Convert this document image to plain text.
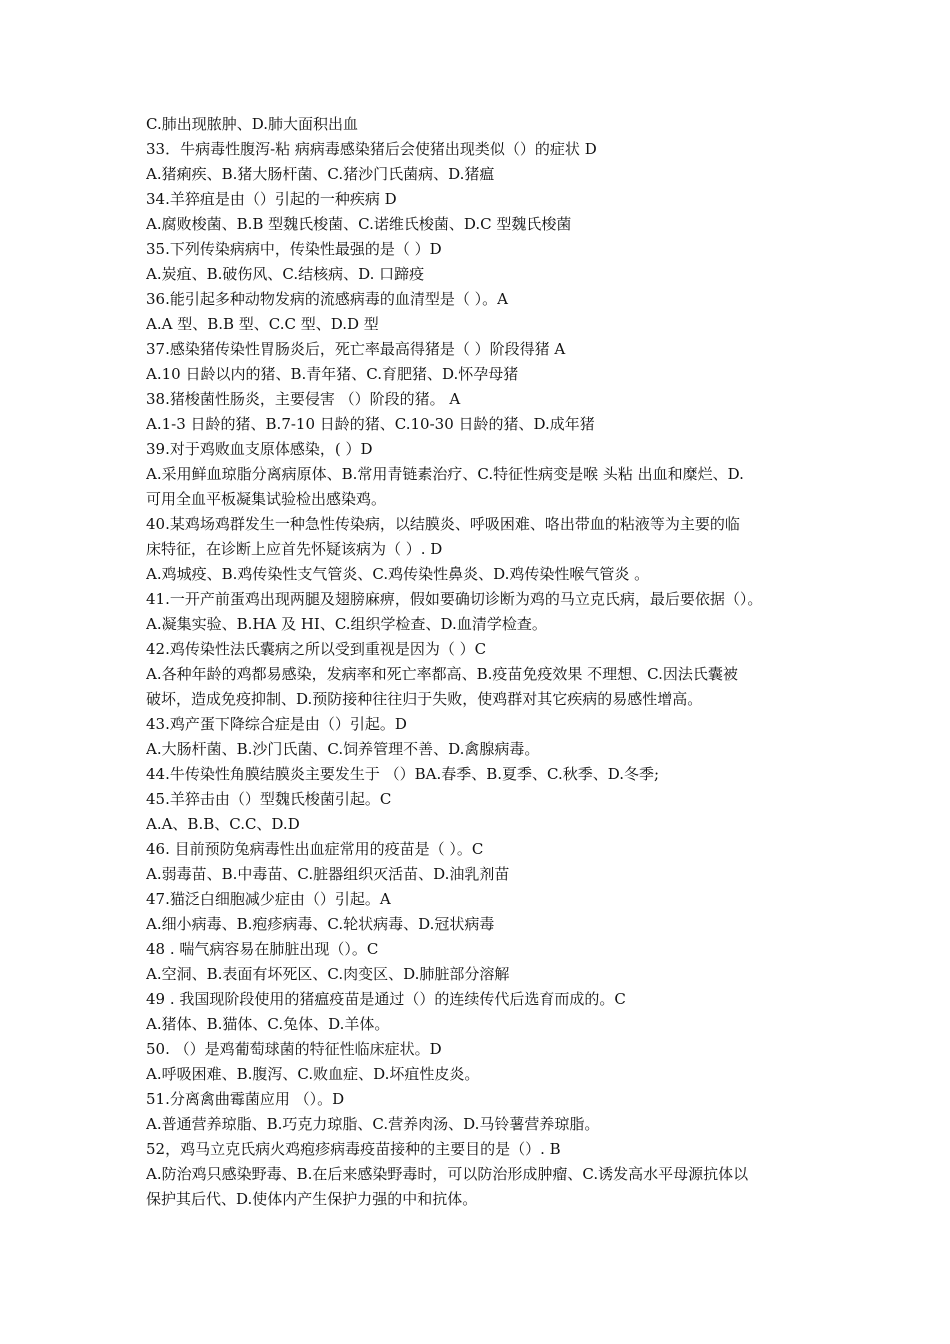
C.肺出现脓肿、D.肺大面积出血
33．牛病毒性腹泻-粘 病病毒感染猪后会使猪出现类似（）的症状 D
A.猪痢疾、B.猪大肠杆菌、C.猪沙门氏菌病、D.猪瘟
34.羊猝疽是由（）引起的一种疾病 D
A.腐败梭菌、B.B 型魏氏梭菌、C.诺维氏梭菌、D.C 型魏氏梭菌
35.下列传染病病中，传染性最强的是（ ）D
A.炭疽、B.破伤风、C.结核病、D. 口蹄疫
36.能引起多种动物发病的流感病毒的血清型是（ ）。A
A.A 型、B.B 型、C.C 型、D.D 型
37.感染猪传染性胃肠炎后，死亡率最高得猪是（ ）阶段得猪 A
A.10 日龄以内的猪、B.青年猪、C.育肥猪、D.怀孕母猪
38.猪梭菌性肠炎，主要侵害 （）阶段的猪。 A
A.1-3 日龄的猪、B.7-10 日龄的猪、C.10-30 日龄的猪、D.成年猪
39.对于鸡败血支原体感染，( ）D
A.采用鲜血琼脂分离病原体、B.常用青链素治疗、C.特征性病变是喉 头粘 出血和糜烂、D.
可用全血平板凝集试验检出感染鸡。
40.某鸡场鸡群发生一种急性传染病，以结膜炎、呼吸困难、咯出带血的粘液等为主要的临
床特征，在诊断上应首先怀疑该病为（ ）. D
A.鸡城疫、B.鸡传染性支气管炎、C.鸡传染性鼻炎、D.鸡传染性喉气管炎 。
41.一开产前蛋鸡出现两腿及翅膀麻痹，假如要确切诊断为鸡的马立克氏病，最后要依据（）。
A.凝集实验、B.HA 及 HI、C.组织学检查、D.血清学检查。
42.鸡传染性法氏囊病之所以受到重视是因为（ ）C
A.各种年龄的鸡都易感染，发病率和死亡率都高、B.疫苗免疫效果 不理想、C.因法氏囊被
破坏，造成免疫抑制、D.预防接种往往归于失败，使鸡群对其它疾病的易感性增高。
43.鸡产蛋下降综合症是由（）引起。D
A.大肠杆菌、B.沙门氏菌、C.饲养管理不善、D.禽腺病毒。
44.牛传染性角膜结膜炎主要发生于 （）BA.春季、B.夏季、C.秋季、D.冬季;
45.羊猝击由（）型魏氏梭菌引起。C
A.A、B.B、C.C、D.D
46. 目前预防兔病毒性出血症常用的疫苗是（ ）。C
A.弱毒苗、B.中毒苗、C.脏器组织灭活苗、D.油乳剂苗
47.猫泛白细胞减少症由（）引起。A
A.细小病毒、B.疱疹病毒、C.轮状病毒、D.冠状病毒
48 . 喘气病容易在肺脏出现（）。C
A.空洞、B.表面有坏死区、C.肉变区、D.肺脏部分溶解
49 . 我国现阶段使用的猪瘟疫苗是通过（）的连续传代后选育而成的。C
A.猪体、B.猫体、C.兔体、D.羊体。
50. （）是鸡葡萄球菌的特征性临床症状。D
A.呼吸困难、B.腹泻、C.败血症、D.坏疽性皮炎。
51.分离禽曲霉菌应用 （）。D
A.普通营养琼脂、B.巧克力琼脂、C.营养肉汤、D.马铃薯营养琼脂。
52，鸡马立克氏病火鸡疱疹病毒疫苗接种的主要目的是（）. B
A.防治鸡只感染野毒、B.在后来感染野毒时，可以防治形成肿瘤、C.诱发高水平母源抗体以
保护其后代、D.使体内产生保护力强的中和抗体。
